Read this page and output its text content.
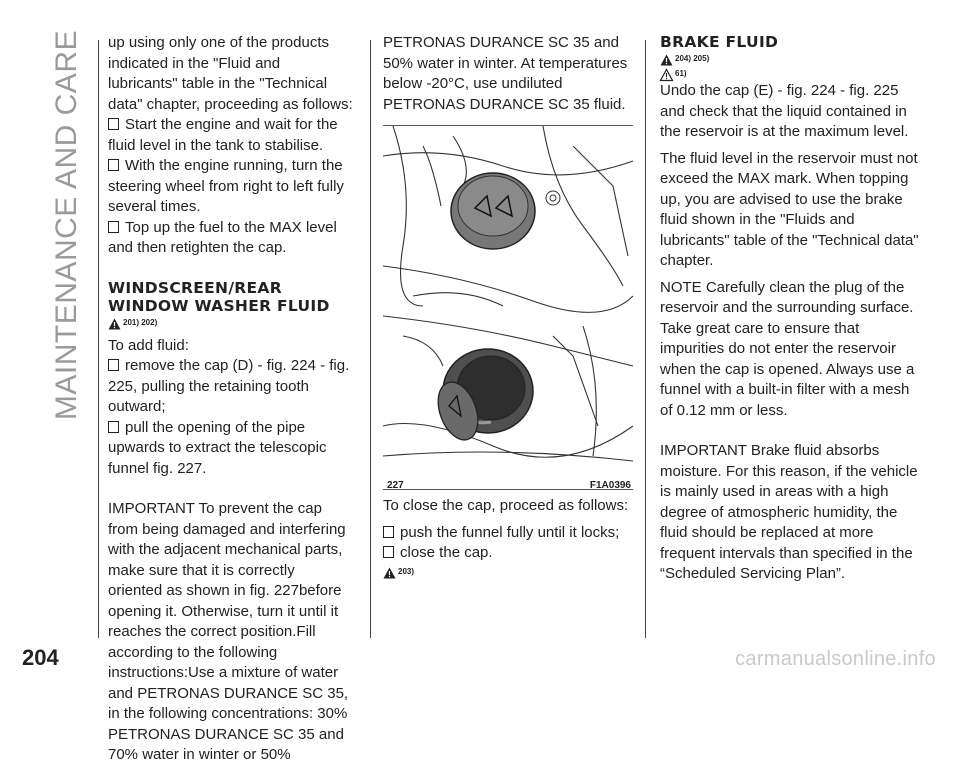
MAINTENANCE AND CARE
204

up using only one of the products indicated in the "Fluid and lubricants" table in the "Technical data" chapter, proceeding as follows:

Start the engine and wait for the fluid level in the tank to stabilise.

With the engine running, turn the steering wheel from right to left fully several times.

Top up the fuel to the MAX level and then retighten the cap.

WINDSCREEN/REAR WINDOW WASHER FLUID
201) 202)

To add fluid:

remove the cap (D) - fig. 224 - fig. 225, pulling the retaining tooth outward;

pull the opening of the pipe upwards to extract the telescopic funnel fig. 227.

IMPORTANT To prevent the cap from being damaged and interfering with the adjacent mechanical parts, make sure that it is correctly oriented as shown in fig. 227before opening it. Otherwise, turn it until it reaches the correct position.Fill according to the following instructions:Use a mixture of water and PETRONAS DURANCE SC 35, in the following concentrations: 30% PETRONAS DURANCE SC 35 and 70% water in winter or 50%

PETRONAS DURANCE SC 35 and 50% water in winter. At temperatures below -20°C, use undiluted PETRONAS DURANCE SC 35 fluid.

227	F1A0396

To close the cap, proceed as follows:

push the funnel fully until it locks;

close the cap.

203)
BRAKE FLUID
204) 205)
61)

Undo the cap (E) - fig. 224 - fig. 225 and check that the liquid contained in the reservoir is at the maximum level.

The fluid level in the reservoir must not exceed the MAX mark. When topping up, you are advised to use the brake fluid shown in the "Fluids and lubricants" table of the "Technical data" chapter.

NOTE Carefully clean the plug of the reservoir and the surrounding surface. Take great care to ensure that impurities do not enter the reservoir when the cap is opened. Always use a funnel with a built-in filter with a mesh of 0.12 mm or less.

IMPORTANT Brake fluid absorbs moisture. For this reason, if the vehicle is mainly used in areas with a high degree of atmospheric humidity, the fluid should be replaced at more frequent intervals than specified in the “Scheduled Servicing Plan”.

carmanualsonline.info
